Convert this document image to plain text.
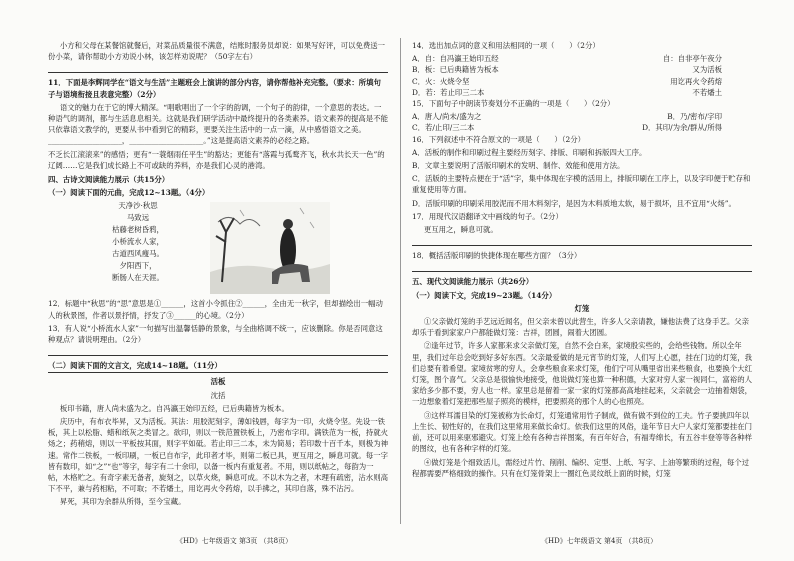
小方和父母在某餐馆就餐后，对菜品质量很不满意，结账时服务员却说：如果写好评，可以免费送一份小菜，请你帮助小方劝说小林，该怎样劝说呢？（50字左右）

11．下面是李辉同学在“语文与生活”主题班会上演讲的部分内容，请你帮他补充完整。（要求：所填句子与语境衔接且表意完整）（2分）

语文的魅力在于它的博大精深。“唱歌唱出了一个字的韵调，一个句子的韵律，一个意思的表达。一种语气的调剂，都与生活息息相关。这就是我们研学活动中最终提升的各类素养。语文素养的提高是不能只依靠语文教学的，更要从书中看到它的精彩，更要关注生活中的一点一滴，从中感悟语文之美。____________________，____________________。”这是提高语文素养的必经之路。

不乏长江滚滚来”的感悟；更有“一蓑烟雨任平生”的豁达；更能有“落霞与孤鹜齐飞，秋水共长天一色”的辽阔……它是我们成长路上不可或缺的养料，亦是我们心灵的港湾。

四、古诗文阅读能力展示（共15分）

（一）阅读下面的元曲，完成12~13题。（4分）

天净沙·秋思
马致远
枯藤老树昏鸦，
小桥流水人家，
古道西风瘦马。
夕阳西下，
断肠人在天涯。

12．标题中“秋思”的“思”意思是①______，这首小令抓住②______，全由无一秋字，但却描绘出一幅动人的秋景图，作者以景抒情，抒发了③______的心境。（2分）

13．有人说“小桥流水人家”一句描写出温馨恬静的景象，与全曲格调不统一，应该删除。你是否同意这种观点？请说明理由。（2分）

（二）阅读下面的文言文，完成14~18题。（11分）

活板

沈括

板印书籍，唐人尚未盛为之。自冯瀛王始印五经，已后典籍皆为板本。

庆历中，有布衣毕昇，又为活板。其法：用胶泥刻字，薄如钱唇，每字为一印，火烧令坚。先设一铁板，其上以松脂、蜡和纸灰之类冒之。欲印，则以一铁范置铁板上，乃密布字印。满铁范为一板，持就火炀之；药稍熔，则以一平板按其面，则字平如砥。若止印三二本，未为简易；若印数十百千本，则极为神速。常作二铁板，一板印刷，一板已自布字，此印者才毕，则第二板已具，更互用之，瞬息可就。每一字皆有数印，如“之”“也”等字，每字有二十余印，以备一板内有重复者。不用，则以纸帖之，每韵为一帖，木格贮之。有奇字素无备者，旋刻之，以草火烧，瞬息可成。不以木为之者，木理有疏密，沾水则高下不平，兼与药相粘，不可取；不若燔土，用讫再火令药熔，以手拂之，其印自落，殊不沾污。

昇死，其印为余群从所得，至今宝藏。

14．选出加点词的意义和用法相同的一项（　　）（2分）

A．自：自冯瀛王始印五经	自：自非亭午夜分
B．板：已后典籍皆为板本	又为活板
C．火：火烧令坚	用讫再火令药熔
D．若：若止印三二本	不若燔土

15．下面句子中朗读节奏划分不正确的一项是（　　）（2分）

A．唐人/尚未/盛为之	B．乃/密布/字印
C．若/止印/三二本	D．其印/为余/群从/所得

16．下列叙述中不符合原文的一项是（　　）（2分）

A．活板的制作和印刷过程主要经历刻字、排版、印刷和拆版四大工序。

B．文章主要说明了活版印刷术的发明、制作、效能和使用方法。

C．活版的主要特点便在于“活”字，集中体现在字模的活用上，排版印刷在工序上，以及字印便于贮存和重复使用等方面。

D．活版印刷的印刷采用胶泥而不用木料刻字，是因为木料质地太软，易于损坏，且不宜用“火炀”。

17．用现代汉语翻译文中画线的句子。（2分）

更互用之，瞬息可就。

18．概括活版印刷的快捷体现在哪些方面？（3分）

五、现代文阅读能力展示（共26分）

（一）阅读下文，完成19~23题。（14分）

灯笼

①父亲做灯笼的手艺远近闻名，但父亲未曾以此营生，许多人父亲请教，嫌他法费了这身手艺。父亲却乐于看到家家户户都能做灯笼：吉祥，团圆，闹着大团圆。

②逢年过节，许多人家都来求父亲做灯笼，自然不会白来，家境殷实些的，会给些钱物。所以全年里，我们过年总会吃到好多好东西。父亲最爱做的是元宵节的灯笼，人们写上心愿，挂在门边的灯笼，我们总要有着希望。家境贫寒的穷人，会拿些粮食来求灯笼，他们宁可从嘴里省出来些粮食，也要换个大红灯笼，图个喜气。父亲总是很愉快地接受，他说做灯笼也算一种积德，大家对穷人家一视同仁，富裕的人家给多少都不要，穷人也一样。家里总是留着一家一家的灯笼都高高地挂起来，父亲就会一边抽着烟袋，一边想象着灯笼把那些屋子照亮的模样，把要照亮的那个人的心也照亮。

③这样耳濡目染的灯笼被称为长命灯，灯笼通常用竹子制成，做有做不到位的工夫。竹子要挑四年以上生长、韧性好的，在我们这里常用来做长命灯。依我们这里的风俗，逢年节日大户人家灯笼都要挂在门前，还可以用来驱邪避灾。灯笼上绘有各种吉祥图案，有百年好合，有福寿绵长，有五谷丰登等等各种样的图纹，也有各种字样的灯笼。

④做灯笼是个细致活儿，需经过片竹、削削、编织、定型、上纸、写字、上油等繁琐的过程，每个过程都需要严格细致的操作。只有在灯笼骨架上一圈红色灵纹纸上面的时候，灯笼

《HD》七年级语文 第3页 （共8页）	《HD》七年级语文 第4页 （共8页）
